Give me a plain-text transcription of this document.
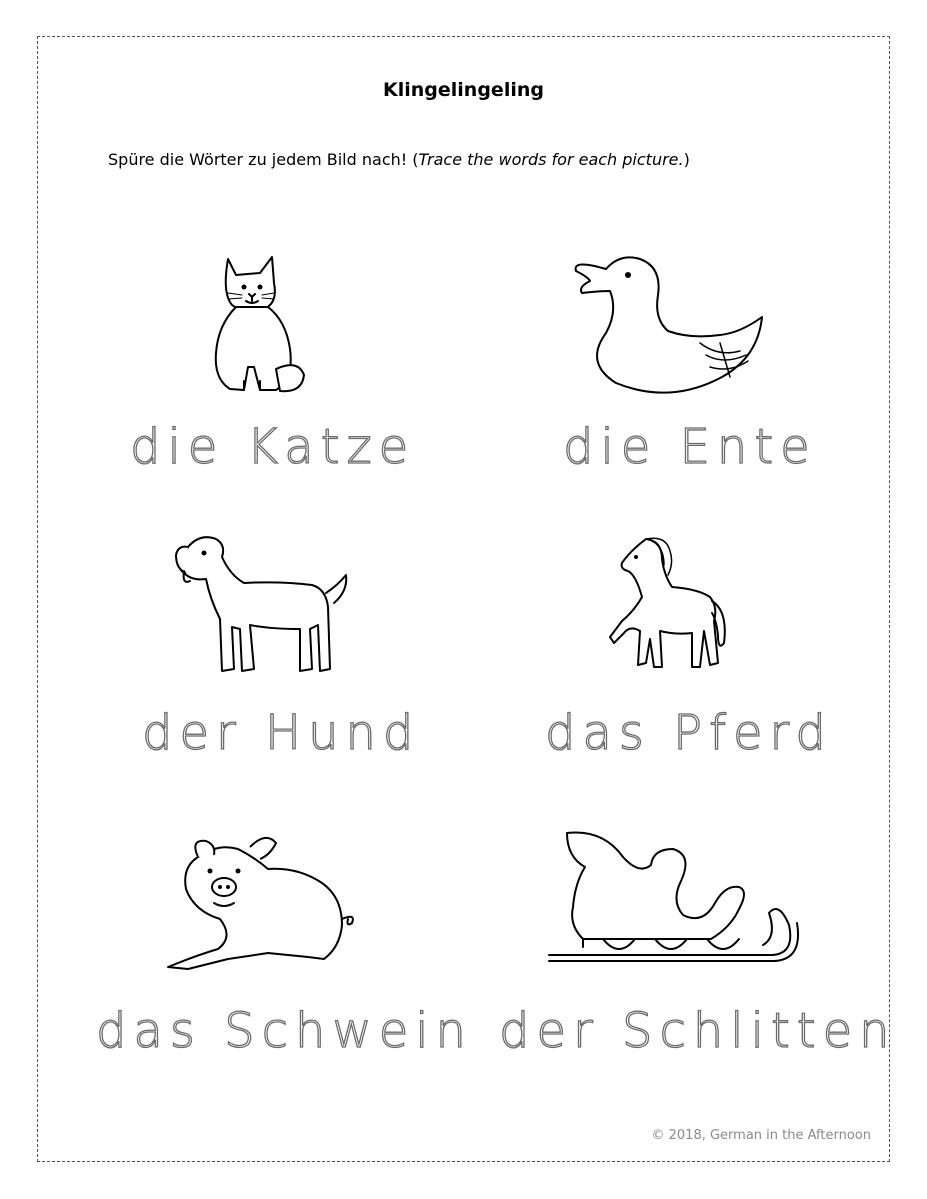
Klingelingeling
Spüre die Wörter zu jedem Bild nach! (Trace the words for each picture.)
die Katze	die Ente
der Hund	das Pferd
das Schwein der Schlitten
© 2018, German in the Afternoon
